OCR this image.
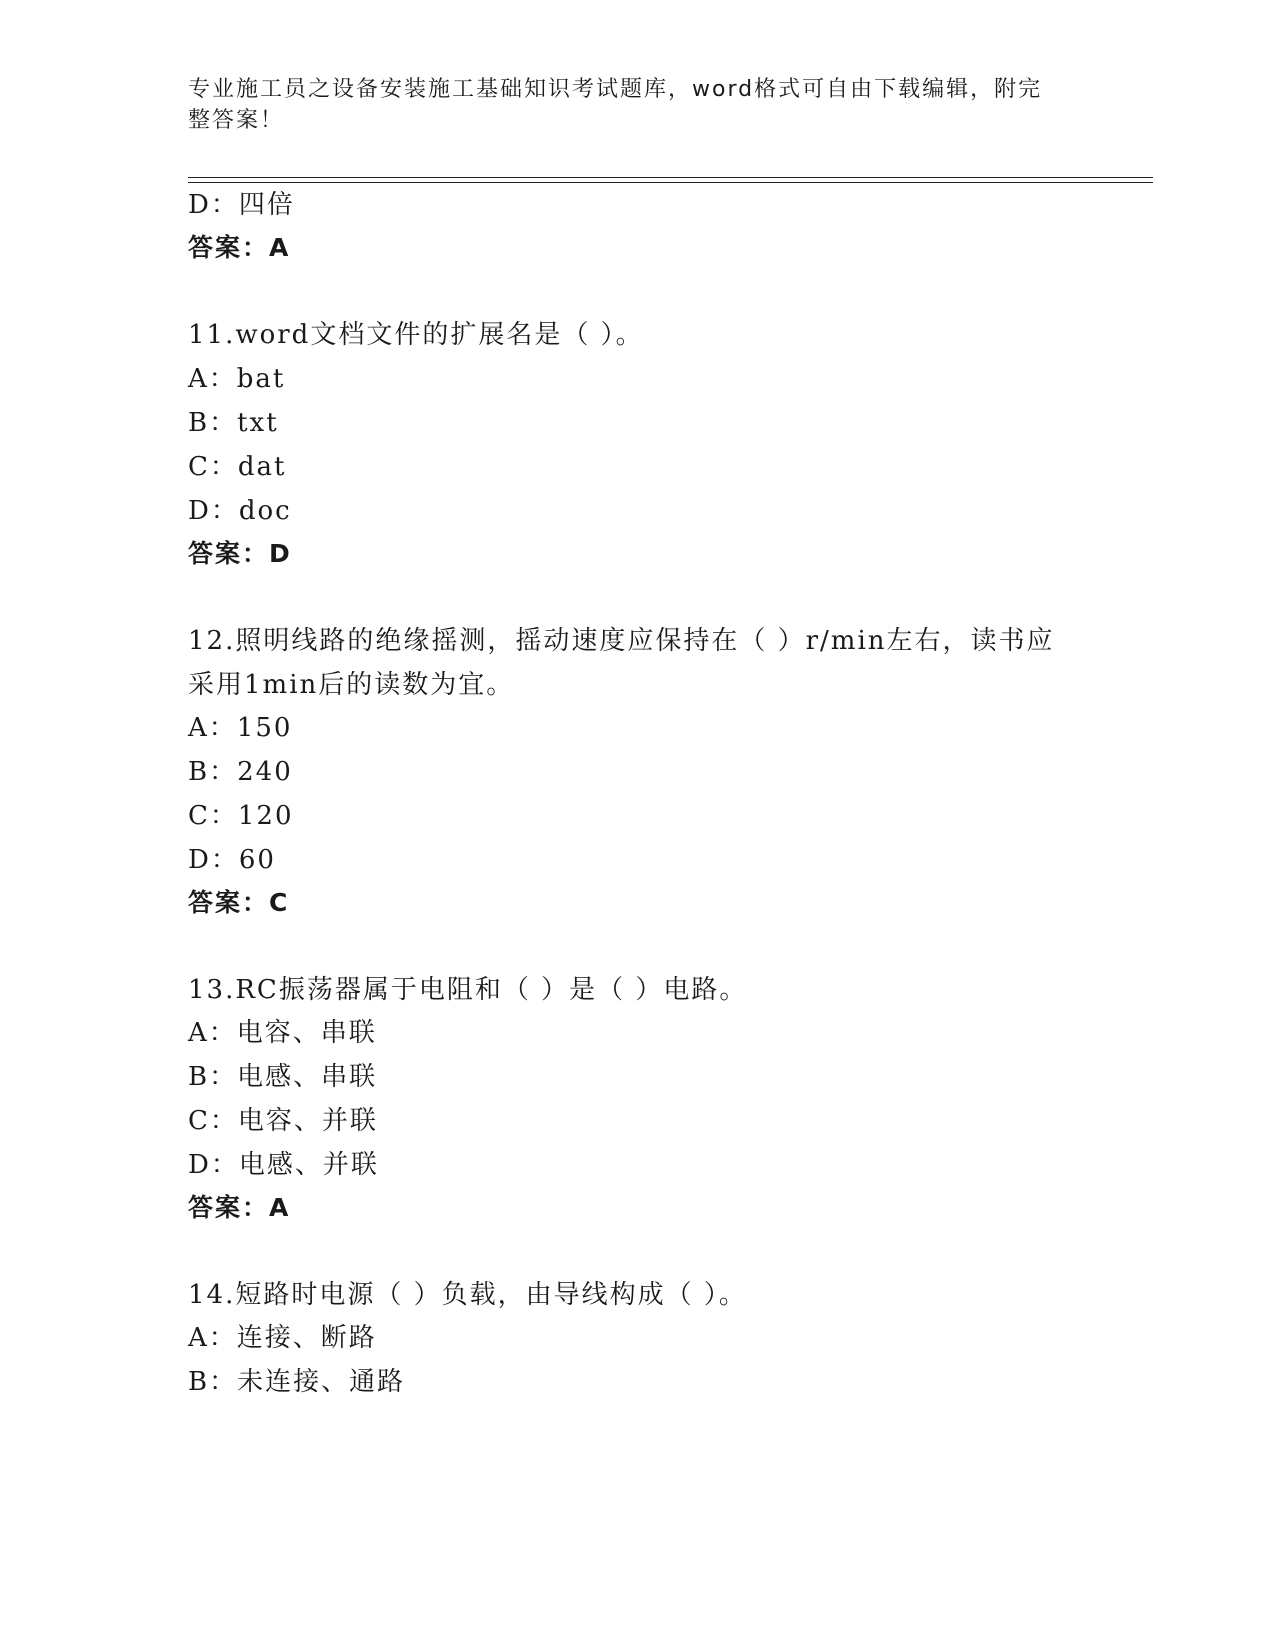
专业施工员之设备安装施工基础知识考试题库，word格式可自由下载编辑，附完
整答案！
D：四倍
答案：A
11.word文档文件的扩展名是（ ）。
A：bat
B：txt
C：dat
D：doc
答案：D
12.照明线路的绝缘摇测，摇动速度应保持在（ ）r/min左右，读书应
采用1min后的读数为宜。
A：150
B：240
C：120
D：60
答案：C
13.RC振荡器属于电阻和（ ）是（ ）电路。
A：电容、串联
B：电感、串联
C：电容、并联
D：电感、并联
答案：A
14.短路时电源（ ）负载，由导线构成（ ）。
A：连接、断路
B：未连接、通路
